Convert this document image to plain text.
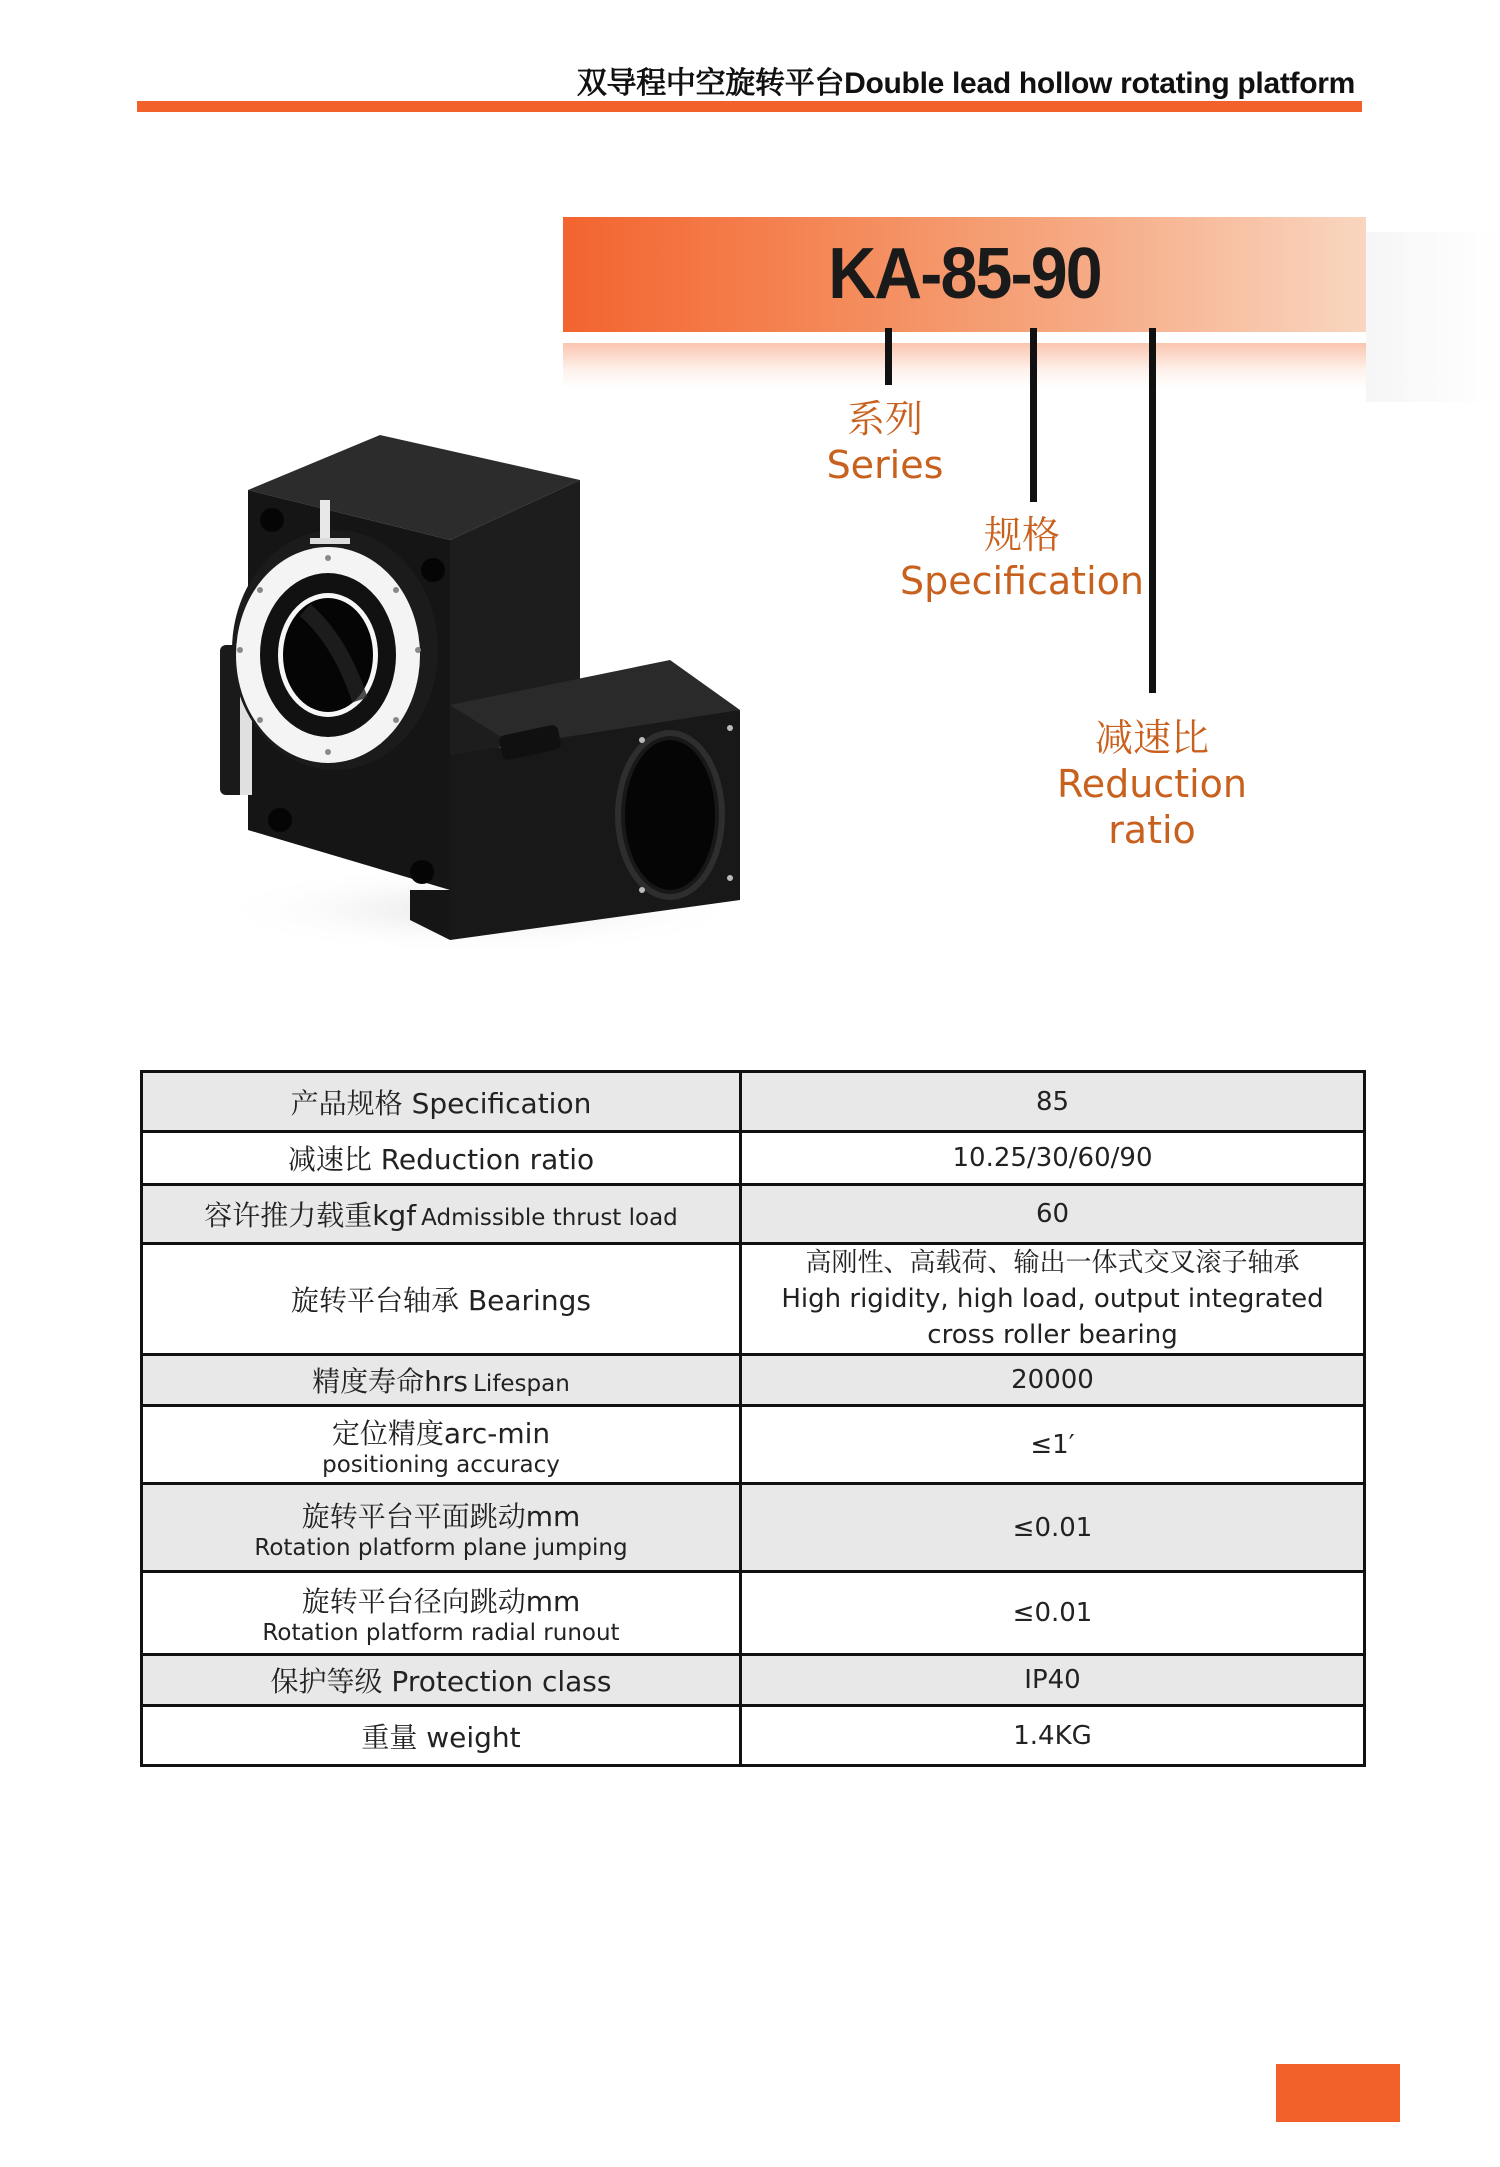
双导程中空旋转平台Double lead hollow rotating platform
KA-85-90
系列
Series
规格
Specification
减速比
Reduction
ratio
产品规格 Specification	85
减速比 Reduction ratio	10.25/30/60/90
容许推力载重kgf Admissible thrust load	60
旋转平台轴承 Bearings	高刚性、高载荷、输出一体式交叉滚子轴承
High rigidity, high load, output integrated
cross roller bearing

精度寿命hrs Lifespan	20000

定位精度arc-min
positioning accuracy	≤1′

旋转平台平面跳动mm
Rotation platform plane jumping	≤0.01

旋转平台径向跳动mm
Rotation platform radial runout	≤0.01
保护等级 Protection class	IP40
重量 weight	1.4KG
